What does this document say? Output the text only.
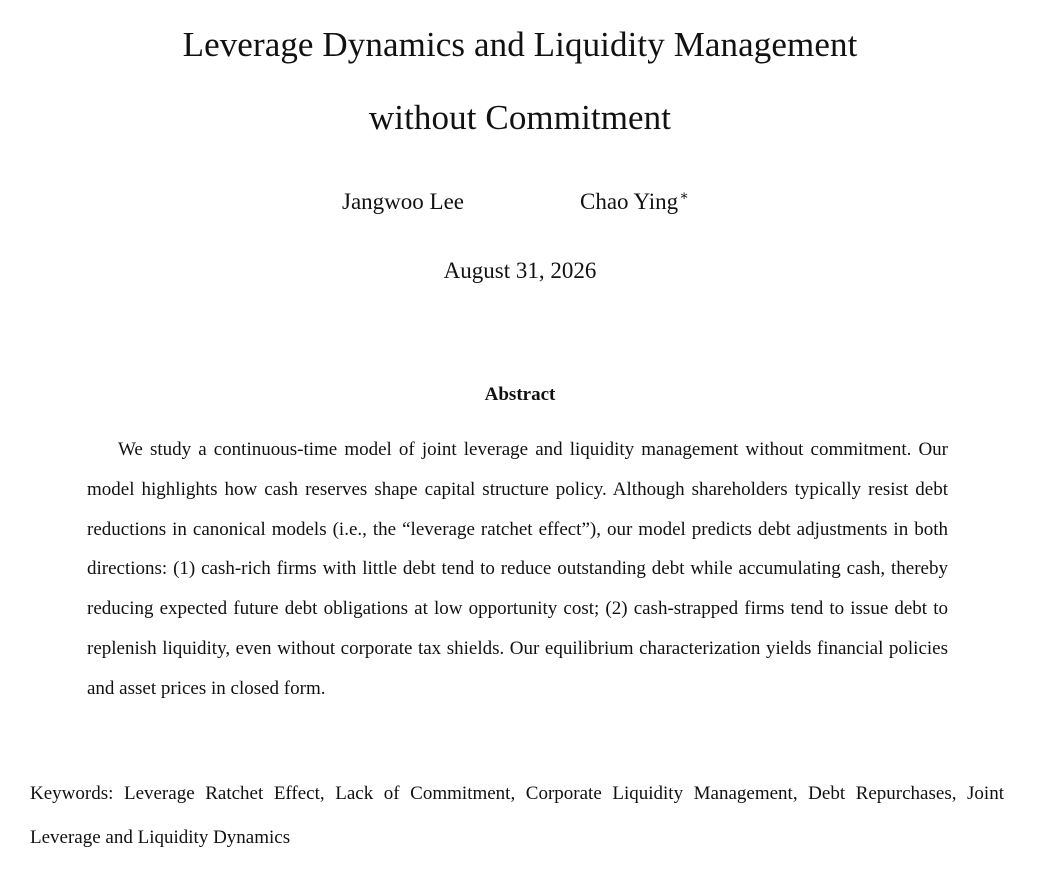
Leverage Dynamics and Liquidity Management
without Commitment
Jangwoo Lee	Chao Ying∗
August 31, 2026
Abstract

We study a continuous-time model of joint leverage and liquidity management without commitment. Our model highlights how cash reserves shape capital structure policy. Although shareholders typically resist debt reductions in canonical models (i.e., the “leverage ratchet effect”), our model predicts debt adjustments in both directions: (1) cash-rich firms with little debt tend to reduce outstanding debt while accumulating cash, thereby reducing expected future debt obligations at low opportunity cost; (2) cash-strapped firms tend to issue debt to replenish liquidity, even without corporate tax shields. Our equilibrium characterization yields financial policies and asset prices in closed form.

Keywords: Leverage Ratchet Effect, Lack of Commitment, Corporate Liquidity Management, Debt Repurchases, Joint Leverage and Liquidity Dynamics
